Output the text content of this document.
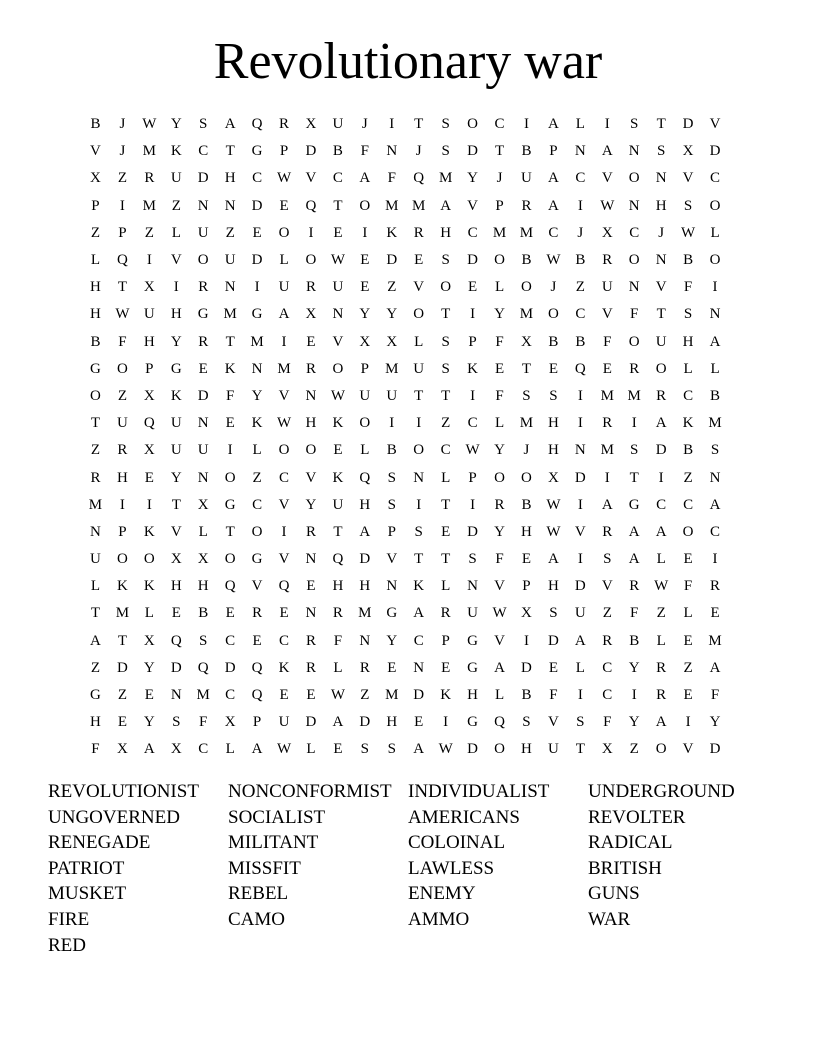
Revolutionary war
B	J	W Y	S	A	Q	R	X	U	J	I	T	S	O	C	I	A	L	I	S	T	D	V
V	J	M K	C	T	G	P	D	B	F	N	J	S	D	T	B	P	N	A	N	S	X	D
X	Z	R	U	D	H	C W V	C	A	F	Q M Y	J	U	A	C	V	O	N	V	C
P	I	M	Z	N	N	D	E	Q	T	O M M A	V	P	R	A	I	W N	H	S	O
Z	P	Z	L	U	Z	E	O	I	E	I	K	R	H	C	M M	C	J	X	C	J	W	L
L	Q	I	V	O	U	D	L	O W	E	D	E	S	D	O	B W B	R	O	N	B	O
H	T	X	I	R	N	I	U	R	U	E	Z	V	O	E	L	O	J	Z	U	N	V	F	I
H W U	H	G M G	A	X	N	Y	Y	O	T	I	Y M O	C	V	F	T	S	N
B	F	H	Y	R	T	M	I	E	V	X	X	L	S	P	F	X	B	B	F	O	U	H	A
G	O	P	G	E	K	N M	R	O	P	M U	S	K	E	T	E	Q	E	R	O	L	L
O	Z	X	K	D	F	Y	V	N W U	U	T	T	I	F	S	S	I	M M	R	C	B
T	U	Q	U	N	E	K W H	K	O	I	I	Z	C	L	M H	I	R	I	A	K M
Z	R	X	U	U	I	L	O	O	E	L	B	O	C W Y	J	H	N M	S	D	B	S
R	H	E	Y	N	O	Z	C	V	K	Q	S	N	L	P	O	O	X	D	I	T	I	Z	N
M	I	I	T	X	G	C	V	Y	U	H	S	I	T	I	R	B W	I	A	G	C	C	A
N	P	K	V	L	T	O	I	R	T	A	P	S	E	D	Y	H W V	R	A	A	O	C
U	O	O	X	X	O	G	V	N	Q	D	V	T	T	S	F	E	A	I	S	A	L	E	I
L	K	K	H	H	Q	V	Q	E	H	H	N	K	L	N	V	P	H	D	V	R W	F	R
T	M	L	E	B	E	R	E	N	R	M G	A	R	U W X	S	U	Z	F	Z	L	E
A	T	X	Q	S	C	E	C	R	F	N	Y	C	P	G	V	I	D	A	R	B	L	E	M
Z	D	Y	D	Q	D	Q	K	R	L	R	E	N	E	G	A	D	E	L	C	Y	R	Z	A
G	Z	E	N M	C	Q	E	E	W	Z	M D	K	H	L	B	F	I	C	I	R	E	F
H	E	Y	S	F	X	P	U	D	A	D	H	E	I	G	Q	S	V	S	F	Y	A	I	Y
F	X	A	X	C	L	A W	L	E	S	S	A W D	O	H	U	T	X	Z	O	V	D
REVOLUTIONIST	NONCONFORMIST INDIVIDUALIST	UNDERGROUND
UNGOVERNED	SOCIALIST	AMERICANS	REVOLTER
RENEGADE	MILITANT	COLOINAL	RADICAL
PATRIOT	MISSFIT	LAWLESS	BRITISH
MUSKET	REBEL	ENEMY	GUNS
FIRE	CAMO	AMMO	WAR
RED
